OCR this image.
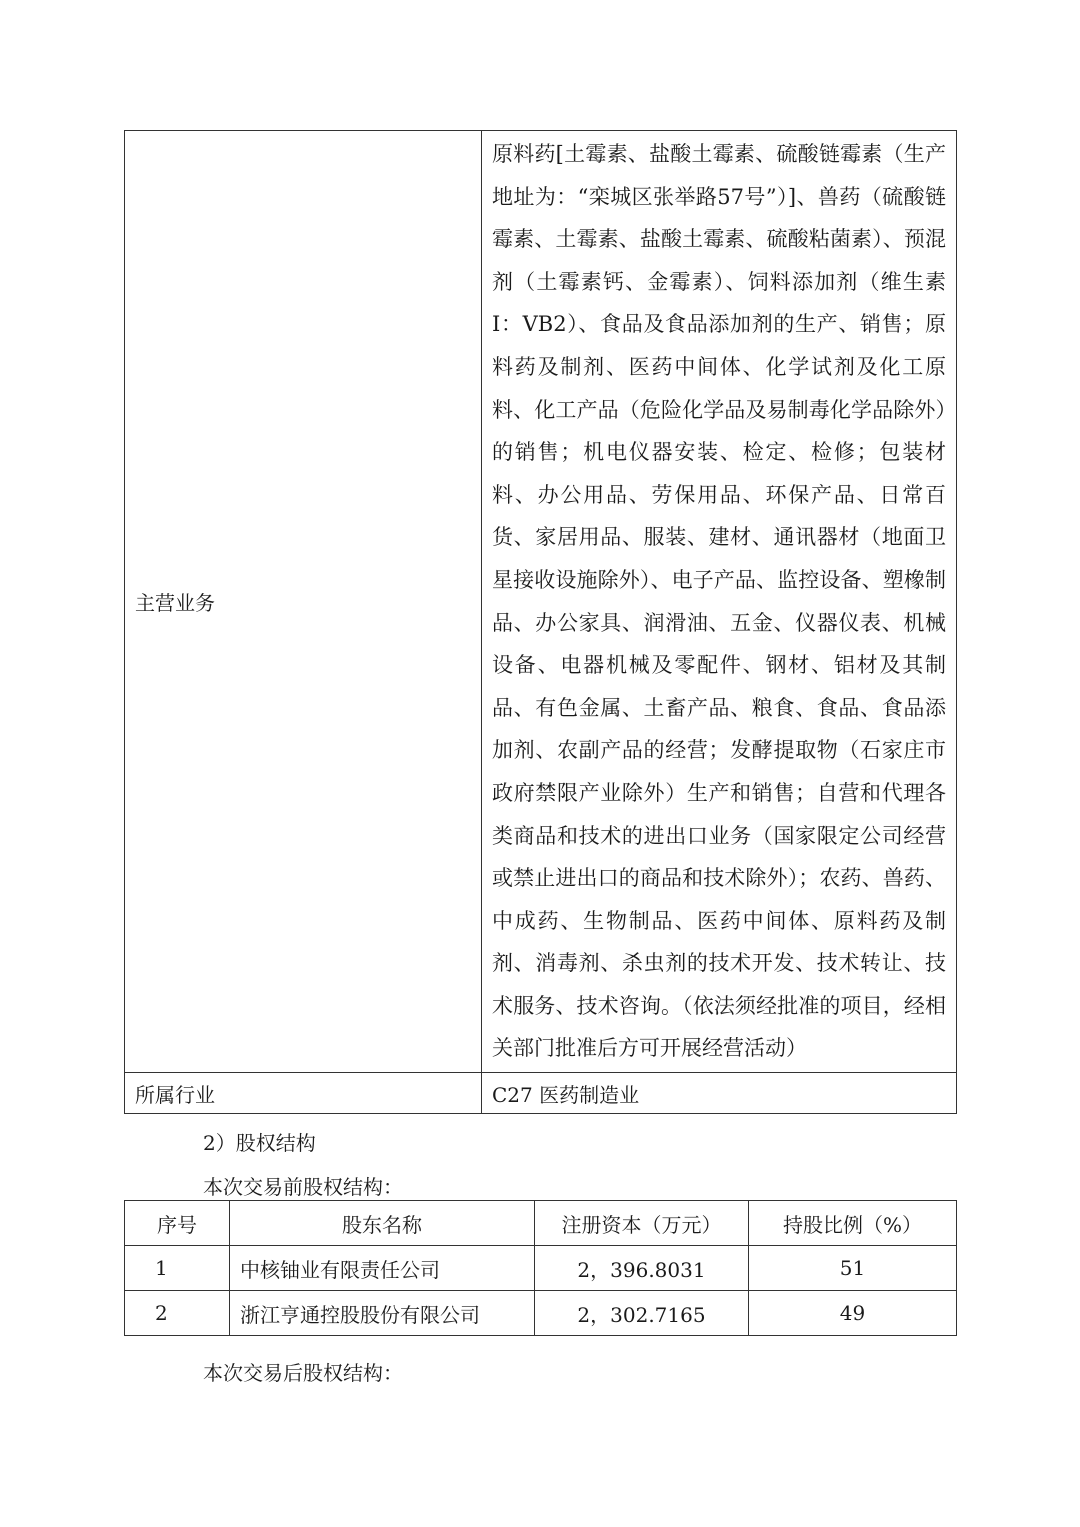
主营业务	原料药[土霉素、盐酸土霉素、硫酸链霉素（生产地址为：“栾城区张举路57号”）]、兽药（硫酸链霉素、土霉素、盐酸土霉素、硫酸粘菌素）、预混剂（土霉素钙、金霉素）、饲料添加剂（维生素Ⅰ：VB2）、食品及食品添加剂的生产、销售；原料药及制剂、医药中间体、化学试剂及化工原料、化工产品（危险化学品及易制毒化学品除外）的销售；机电仪器安装、检定、检修；包装材料、办公用品、劳保用品、环保产品、日常百货、家居用品、服装、建材、通讯器材（地面卫星接收设施除外）、电子产品、监控设备、塑橡制品、办公家具、润滑油、五金、仪器仪表、机械设备、电器机械及零配件、钢材、铝材及其制品、有色金属、土畜产品、粮食、食品、食品添加剂、农副产品的经营；发酵提取物（石家庄市政府禁限产业除外）生产和销售；自营和代理各类商品和技术的进出口业务（国家限定公司经营或禁止进出口的商品和技术除外）；农药、兽药、中成药、生物制品、医药中间体、原料药及制剂、消毒剂、杀虫剂的技术开发、技术转让、技术服务、技术咨询。（依法须经批准的项目，经相关部门批准后方可开展经营活动）
所属行业	C27 医药制造业
2）股权结构
本次交易前股权结构：
序号	股东名称	注册资本（万元）	持股比例（%）
1	中核铀业有限责任公司	2，396.8031	51
2	浙江亨通控股股份有限公司	2，302.7165	49
本次交易后股权结构：
